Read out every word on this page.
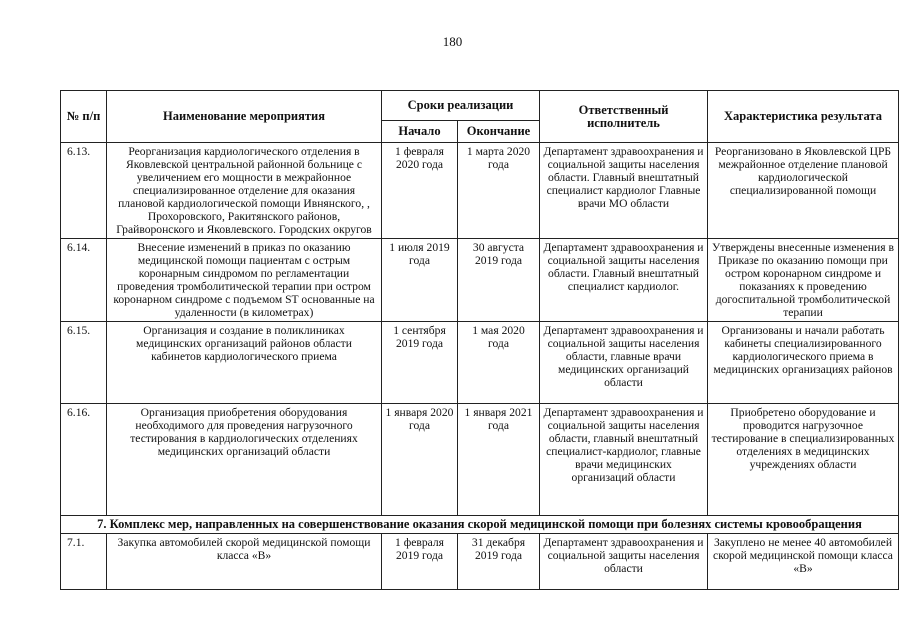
180
№ п/п	Наименование мероприятия	Сроки реализации		Ответственный исполнитель	Характеристика результата
		Начало	Окончание		
6.13.	Реорганизация кардиологического отделения в Яковлевской центральной районной больнице с увеличением его мощности в межрайонное специализированное отделение для оказания плановой кардиологической помощи Ивнянского, , Прохоровского, Ракитянского районов, Грайворонского и Яковлевского. Городских округов	1 февраля 2020 года	1 марта 2020 года	Департамент здравоохранения и социальной защиты населения области. Главный внештатный специалист кардиолог Главные врачи МО области	Реорганизовано в Яковлевской ЦРБ межрайонное отделение плановой кардиологической специализированной помощи
6.14.	Внесение изменений в приказ по оказанию медицинской помощи пациентам с острым коронарным синдромом по регламентации проведения тромболитической терапии при остром коронарном синдроме с подъемом ST основанные на удаленности (в километрах)	1 июля 2019 года	30 августа 2019 года	Департамент здравоохранения и социальной защиты населения области. Главный внештатный специалист кардиолог.	Утверждены внесенные изменения в Приказе по оказанию помощи при остром коронарном синдроме и показаниях к проведению догоспитальной тромболитической терапии
6.15.	Организация и создание в поликлиниках медицинских организаций районов области кабинетов кардиологического приема	1 сентября 2019 года	1 мая 2020 года	Департамент здравоохранения и социальной защиты населения области, главные врачи медицинских организаций области	Организованы и начали работать кабинеты специализированного кардиологического приема в медицинских организациях районов
6.16.	Организация приобретения оборудования необходимого для проведения нагрузочного тестирования в кардиологических отделениях медицинских организаций области	1 января 2020 года	1 января 2021 года	Департамент здравоохранения и социальной защиты населения области, главный внештатный специалист-кардиолог, главные врачи медицинских организаций области	Приобретено оборудование и проводится нагрузочное тестирование в специализированных отделениях в медицинских учреждениях области
7. Комплекс мер, направленных на совершенствование оказания скорой медицинской помощи при болезнях системы кровообращения					
7.1.	Закупка автомобилей скорой медицинской помощи класса «В»	1 февраля 2019 года	31 декабря 2019 года	Департамент здравоохранения и социальной защиты населения области	Закуплено не менее 40 автомобилей скорой медицинской помощи класса «В»
